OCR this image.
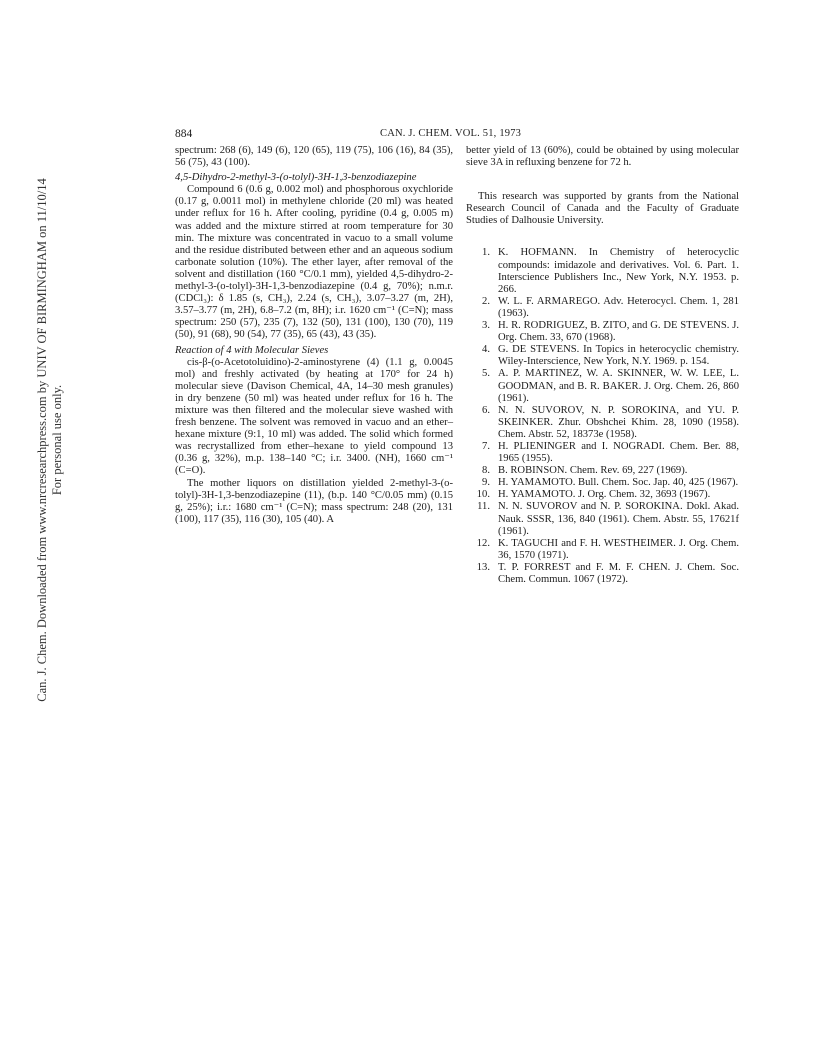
Can. J. Chem. Downloaded from www.nrcresearchpress.com by UNIV OF BIRMINGHAM on 11/10/14 For personal use only.
884	CAN. J. CHEM. VOL. 51, 1973

spectrum: 268 (6), 149 (6), 120 (65), 119 (75), 106 (16), 84 (35), 56 (75), 43 (100).

4,5-Dihydro-2-methyl-3-(o-tolyl)-3H-1,3-benzodiazepine

Compound 6 (0.6 g, 0.002 mol) and phosphorous oxychloride (0.17 g, 0.0011 mol) in methylene chloride (20 ml) was heated under reflux for 16 h. After cooling, pyridine (0.4 g, 0.005 m) was added and the mixture stirred at room temperature for 30 min. The mixture was concentrated in vacuo to a small volume and the residue distributed between ether and an aqueous sodium carbonate solution (10%). The ether layer, after removal of the solvent and distillation (160 °C/0.1 mm), yielded 4,5-dihydro-2-methyl-3-(o-tolyl)-3H-1,3-benzodiazepine (0.4 g, 70%); n.m.r. (CDCl₃): δ 1.85 (s, CH₃), 2.24 (s, CH₃), 3.07–3.27 (m, 2H), 3.57–3.77 (m, 2H), 6.8–7.2 (m, 8H); i.r. 1620 cm⁻¹ (C=N); mass spectrum: 250 (57), 235 (7), 132 (50), 131 (100), 130 (70), 119 (50), 91 (68), 90 (54), 77 (35), 65 (43), 43 (35).

Reaction of 4 with Molecular Sieves

cis-β-(o-Acetotoluidino)-2-aminostyrene (4) (1.1 g, 0.0045 mol) and freshly activated (by heating at 170° for 24 h) molecular sieve (Davison Chemical, 4A, 14–30 mesh granules) in dry benzene (50 ml) was heated under reflux for 16 h. The mixture was then filtered and the molecular sieve washed with fresh benzene. The solvent was removed in vacuo and an ether–hexane mixture (9:1, 10 ml) was added. The solid which formed was recrystallized from ether–hexane to yield compound 13 (0.36 g, 32%), m.p. 138–140 °C; i.r. 3400. (NH), 1660 cm⁻¹ (C=O).

The mother liquors on distillation yielded 2-methyl-3-(o-tolyl)-3H-1,3-benzodiazepine (11), (b.p. 140 °C/0.05 mm) (0.15 g, 25%); i.r.: 1680 cm⁻¹ (C=N); mass spectrum: 248 (20), 131 (100), 117 (35), 116 (30), 105 (40). A

better yield of 13 (60%), could be obtained by using molecular sieve 3A in refluxing benzene for 72 h.

This research was supported by grants from the National Research Council of Canada and the Faculty of Graduate Studies of Dalhousie University.

1. K. HOFMANN. In Chemistry of heterocyclic compounds: imidazole and derivatives. Vol. 6. Part. 1. Interscience Publishers Inc., New York, N.Y. 1953. p. 266.
2. W. L. F. ARMAREGO. Adv. Heterocycl. Chem. 1, 281 (1963).
3. H. R. RODRIGUEZ, B. ZITO, and G. DE STEVENS. J. Org. Chem. 33, 670 (1968).
4. G. DE STEVENS. In Topics in heterocyclic chemistry. Wiley-Interscience, New York, N.Y. 1969. p. 154.
5. A. P. MARTINEZ, W. A. SKINNER, W. W. LEE, L. GOODMAN, and B. R. BAKER. J. Org. Chem. 26, 860 (1961).
6. N. N. SUVOROV, N. P. SOROKINA, and YU. P. SKEINKER. Zhur. Obshchei Khim. 28, 1090 (1958). Chem. Abstr. 52, 18373e (1958).
7. H. PLIENINGER and I. NOGRADI. Chem. Ber. 88, 1965 (1955).
8. B. ROBINSON. Chem. Rev. 69, 227 (1969).
9. H. YAMAMOTO. Bull. Chem. Soc. Jap. 40, 425 (1967).
10. H. YAMAMOTO. J. Org. Chem. 32, 3693 (1967).
11. N. N. SUVOROV and N. P. SOROKINA. Dokl. Akad. Nauk. SSSR, 136, 840 (1961). Chem. Abstr. 55, 17621f (1961).
12. K. TAGUCHI and F. H. WESTHEIMER. J. Org. Chem. 36, 1570 (1971).
13. T. P. FORREST and F. M. F. CHEN. J. Chem. Soc. Chem. Commun. 1067 (1972).
